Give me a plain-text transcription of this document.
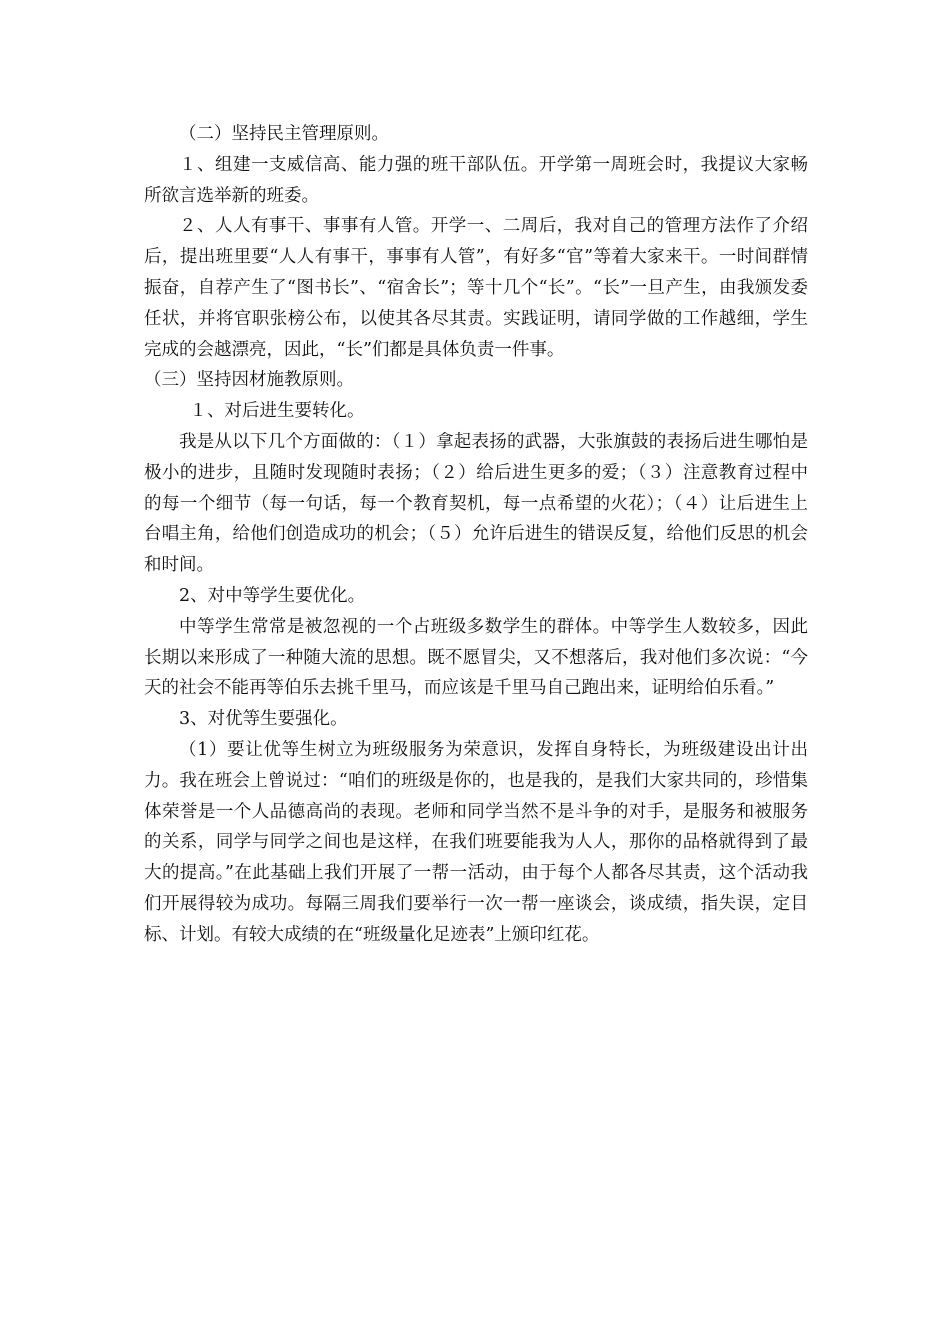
（二）坚持民主管理原则。

１、组建一支威信高、能力强的班干部队伍。开学第一周班会时，我提议大家畅所欲言选举新的班委。

２、人人有事干、事事有人管。开学一、二周后，我对自己的管理方法作了介绍后，提出班里要“人人有事干，事事有人管”，有好多“官”等着大家来干。一时间群情振奋，自荐产生了“图书长”、“宿舍长”；等十几个“长”。“长”一旦产生，由我颁发委任状，并将官职张榜公布，以使其各尽其责。实践证明，请同学做的工作越细，学生完成的会越漂亮，因此，“长”们都是具体负责一件事。

（三）坚持因材施教原则。

１、对后进生要转化。

我是从以下几个方面做的：（１）拿起表扬的武器，大张旗鼓的表扬后进生哪怕是极小的进步，且随时发现随时表扬；（２）给后进生更多的爱；（３）注意教育过程中的每一个细节（每一句话，每一个教育契机，每一点希望的火花）；（４）让后进生上台唱主角，给他们创造成功的机会；（５）允许后进生的错误反复，给他们反思的机会和时间。

2、对中等学生要优化。

中等学生常常是被忽视的一个占班级多数学生的群体。中等学生人数较多，因此长期以来形成了一种随大流的思想。既不愿冒尖，又不想落后，我对他们多次说：“今天的社会不能再等伯乐去挑千里马，而应该是千里马自己跑出来，证明给伯乐看。”

3、对优等生要强化。

（1）要让优等生树立为班级服务为荣意识，发挥自身特长，为班级建设出计出力。我在班会上曾说过：“咱们的班级是你的，也是我的，是我们大家共同的，珍惜集体荣誉是一个人品德高尚的表现。老师和同学当然不是斗争的对手，是服务和被服务的关系，同学与同学之间也是这样，在我们班要能我为人人，那你的品格就得到了最大的提高。”在此基础上我们开展了一帮一活动，由于每个人都各尽其责，这个活动我们开展得较为成功。每隔三周我们要举行一次一帮一座谈会，谈成绩，指失误，定目标、计划。有较大成绩的在“班级量化足迹表”上颁印红花。
